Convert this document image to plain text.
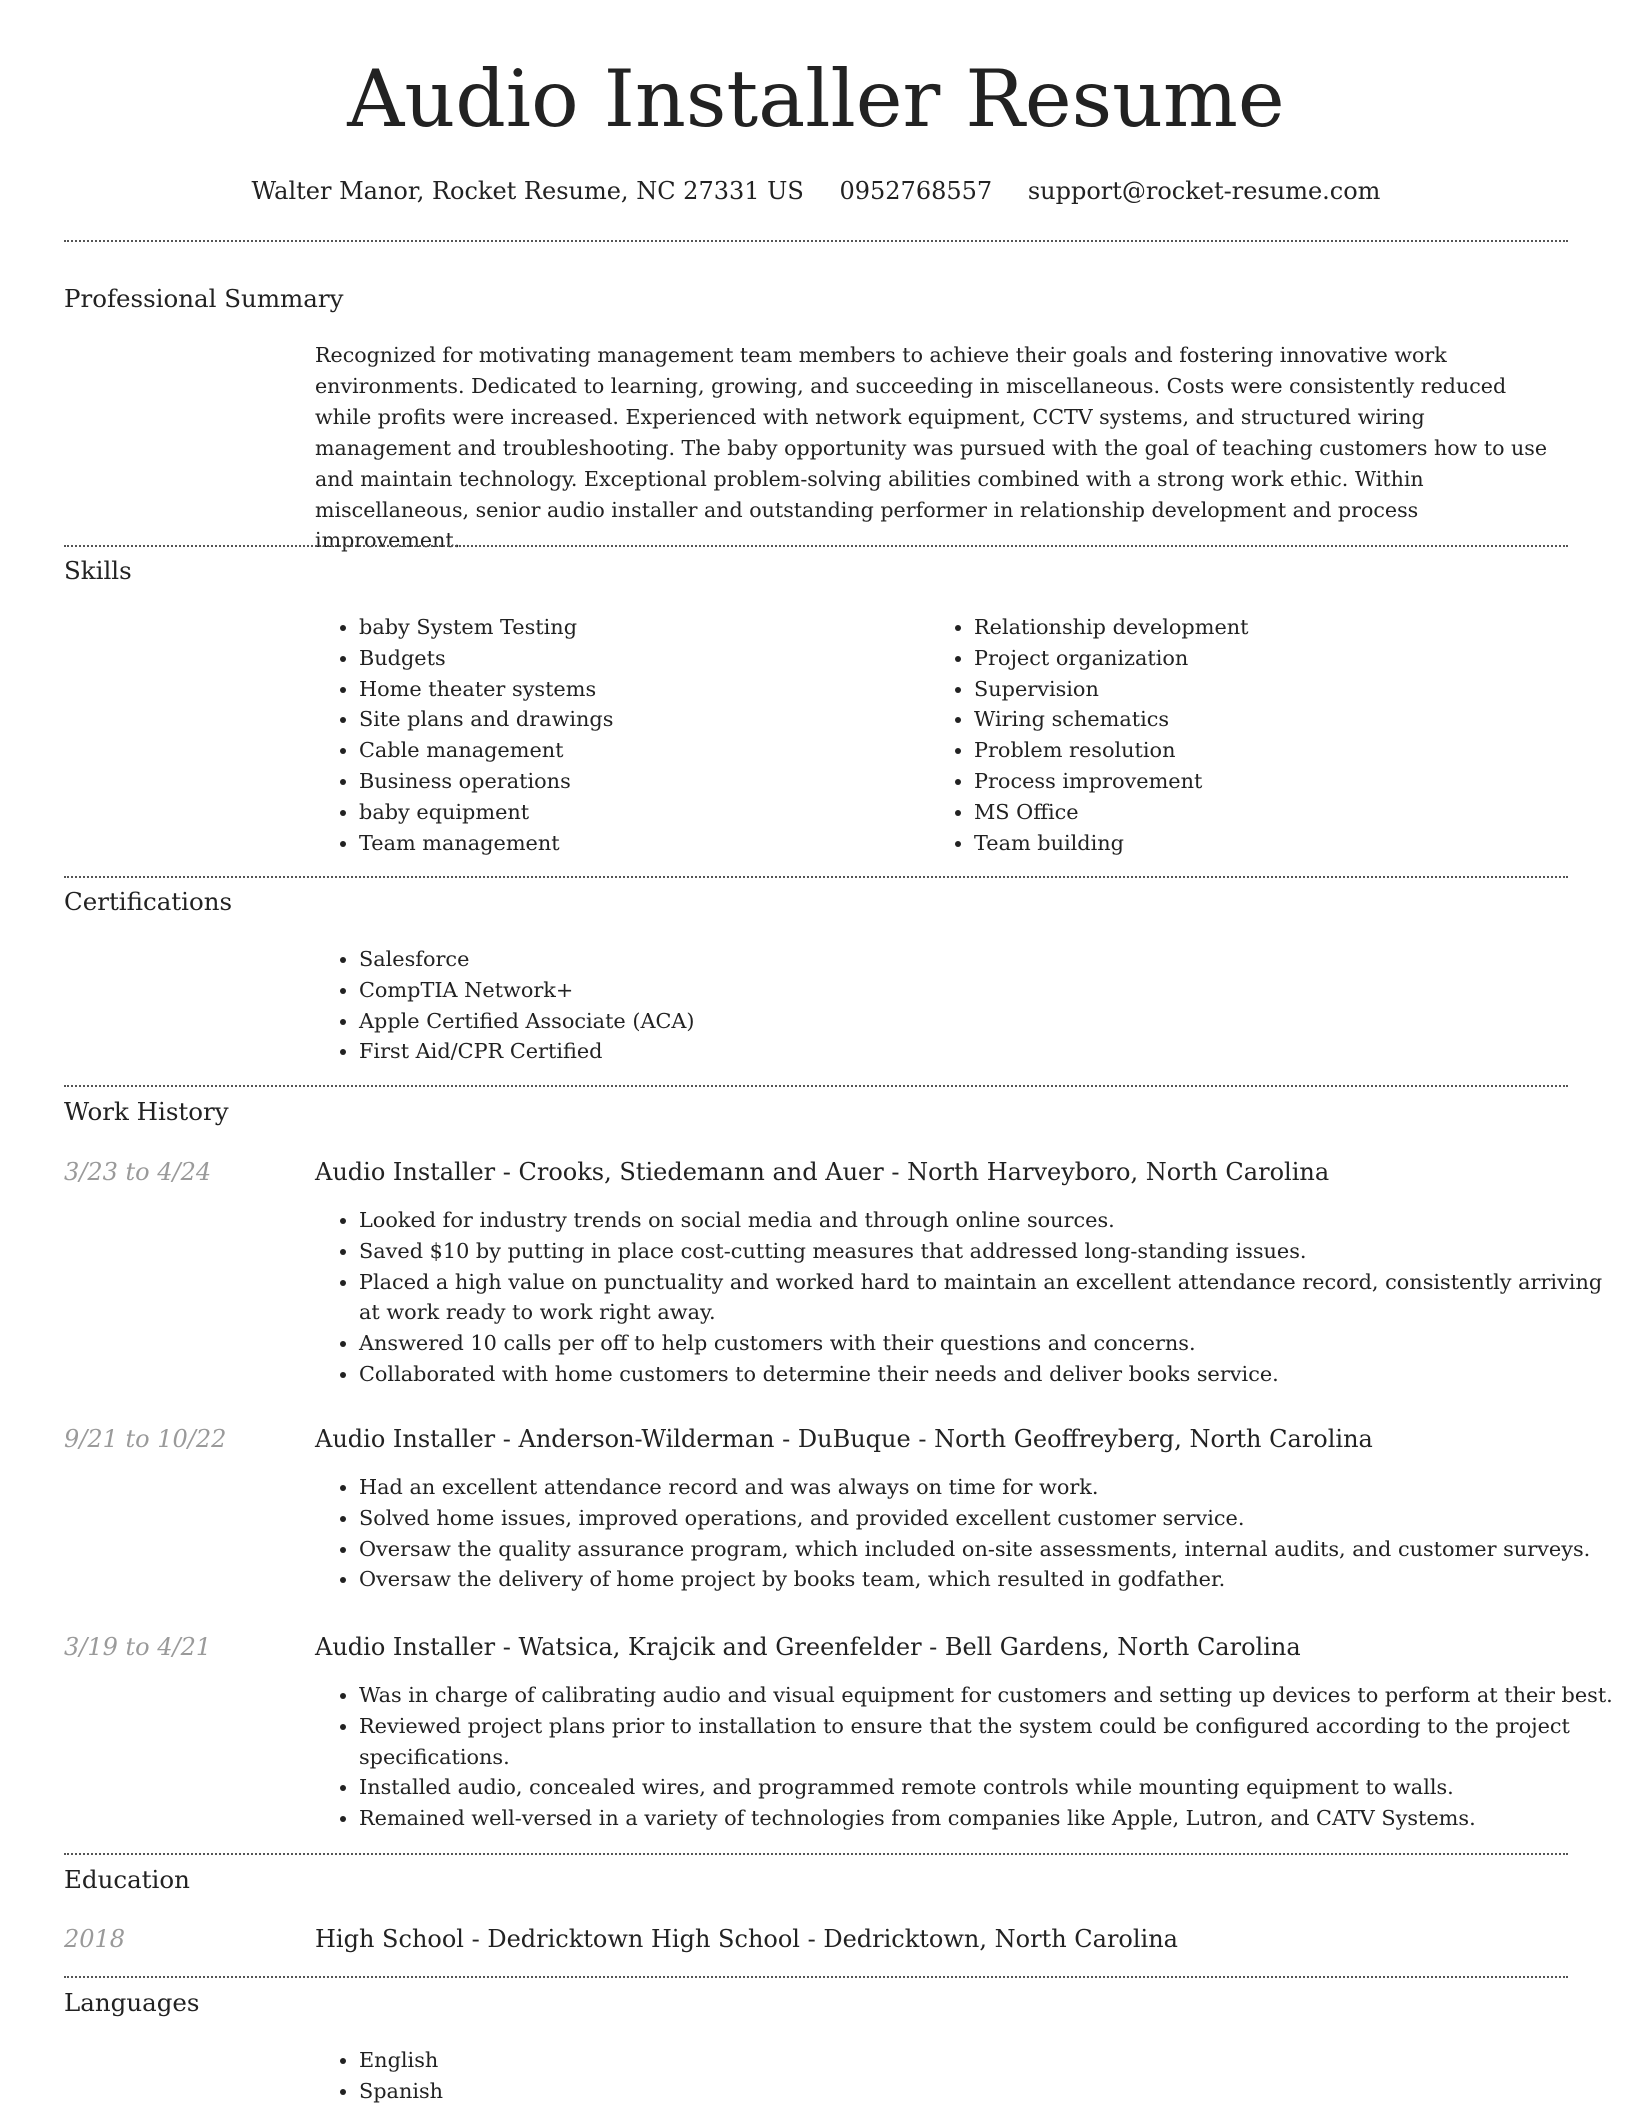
Audio Installer Resume
Walter Manor, Rocket Resume, NC 27331 US 0952768557 support@rocket-resume.com
Professional Summary

Recognized for motivating management team members to achieve their goals and fostering innovative work environments. Dedicated to learning, growing, and succeeding in miscellaneous. Costs were consistently reduced while profits were increased. Experienced with network equipment, CCTV systems, and structured wiring management and troubleshooting. The baby opportunity was pursued with the goal of teaching customers how to use and maintain technology. Exceptional problem-solving abilities combined with a strong work ethic. Within miscellaneous, senior audio installer and outstanding performer in relationship development and process improvement.

Skills
• baby System Testing
• Budgets
• Home theater systems
• Site plans and drawings
• Cable management
• Business operations
• baby equipment
• Team management
• Relationship development
• Project organization
• Supervision
• Wiring schematics
• Problem resolution
• Process improvement
• MS Office
• Team building
Certifications
• Salesforce
• CompTIA Network+
• Apple Certified Associate (ACA)
• First Aid/CPR Certified
Work History
3/23 to 4/24	Audio Installer - Crooks, Stiedemann and Auer - North Harveyboro, North Carolina
• Looked for industry trends on social media and through online sources.
• Saved $10 by putting in place cost-cutting measures that addressed long-standing issues.
• Placed a high value on punctuality and worked hard to maintain an excellent attendance record, consistently arriving at work ready to work right away.
• Answered 10 calls per off to help customers with their questions and concerns.
• Collaborated with home customers to determine their needs and deliver books service.
9/21 to 10/22	Audio Installer - Anderson-Wilderman - DuBuque - North Geoffreyberg, North Carolina
• Had an excellent attendance record and was always on time for work.
• Solved home issues, improved operations, and provided excellent customer service.
• Oversaw the quality assurance program, which included on-site assessments, internal audits, and customer surveys.
• Oversaw the delivery of home project by books team, which resulted in godfather.
3/19 to 4/21	Audio Installer - Watsica, Krajcik and Greenfelder - Bell Gardens, North Carolina
• Was in charge of calibrating audio and visual equipment for customers and setting up devices to perform at their best.
• Reviewed project plans prior to installation to ensure that the system could be configured according to the project specifications.
• Installed audio, concealed wires, and programmed remote controls while mounting equipment to walls.
• Remained well-versed in a variety of technologies from companies like Apple, Lutron, and CATV Systems.
Education
2018	High School - Dedricktown High School - Dedricktown, North Carolina
Languages
• English
• Spanish
